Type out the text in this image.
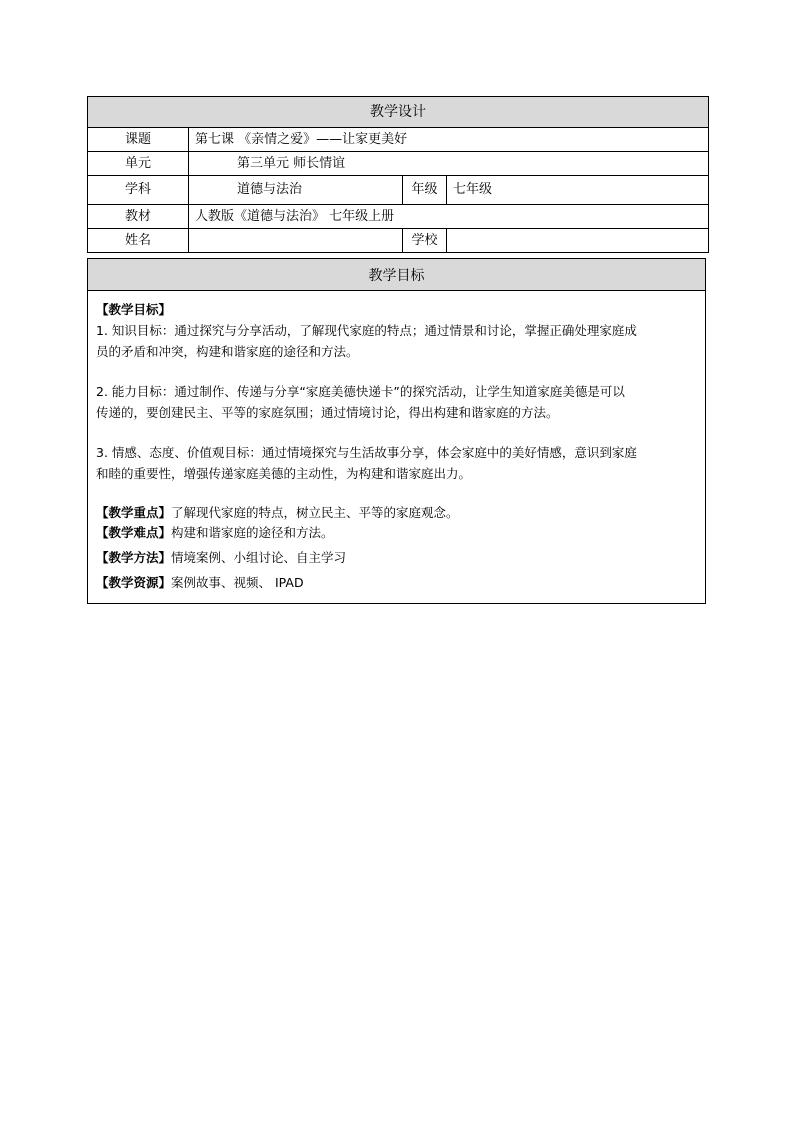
教学设计			
课题	第七课 《亲情之爱》——让家更美好		
单元	第三单元 师长情谊		
学科	道德与法治	年级	七年级
教材	人教版《道德与法治》 七年级上册		
姓名		学校	
教学目标

【教学目标】

1. 知识目标：通过探究与分享活动，了解现代家庭的特点；通过情景和讨论，掌握正确处理家庭成

员的矛盾和冲突，构建和谐家庭的途径和方法。

2. 能力目标：通过制作、传递与分享“家庭美德快递卡”的探究活动，让学生知道家庭美德是可以

传递的，要创建民主、平等的家庭氛围；通过情境讨论，得出构建和谐家庭的方法。

3. 情感、态度、价值观目标：通过情境探究与生活故事分享，体会家庭中的美好情感，意识到家庭

和睦的重要性，增强传递家庭美德的主动性，为构建和谐家庭出力。

【教学重点】了解现代家庭的特点，树立民主、平等的家庭观念。

【教学难点】构建和谐家庭的途径和方法。

【教学方法】情境案例、小组讨论、自主学习

【教学资源】案例故事、视频、 IPAD
